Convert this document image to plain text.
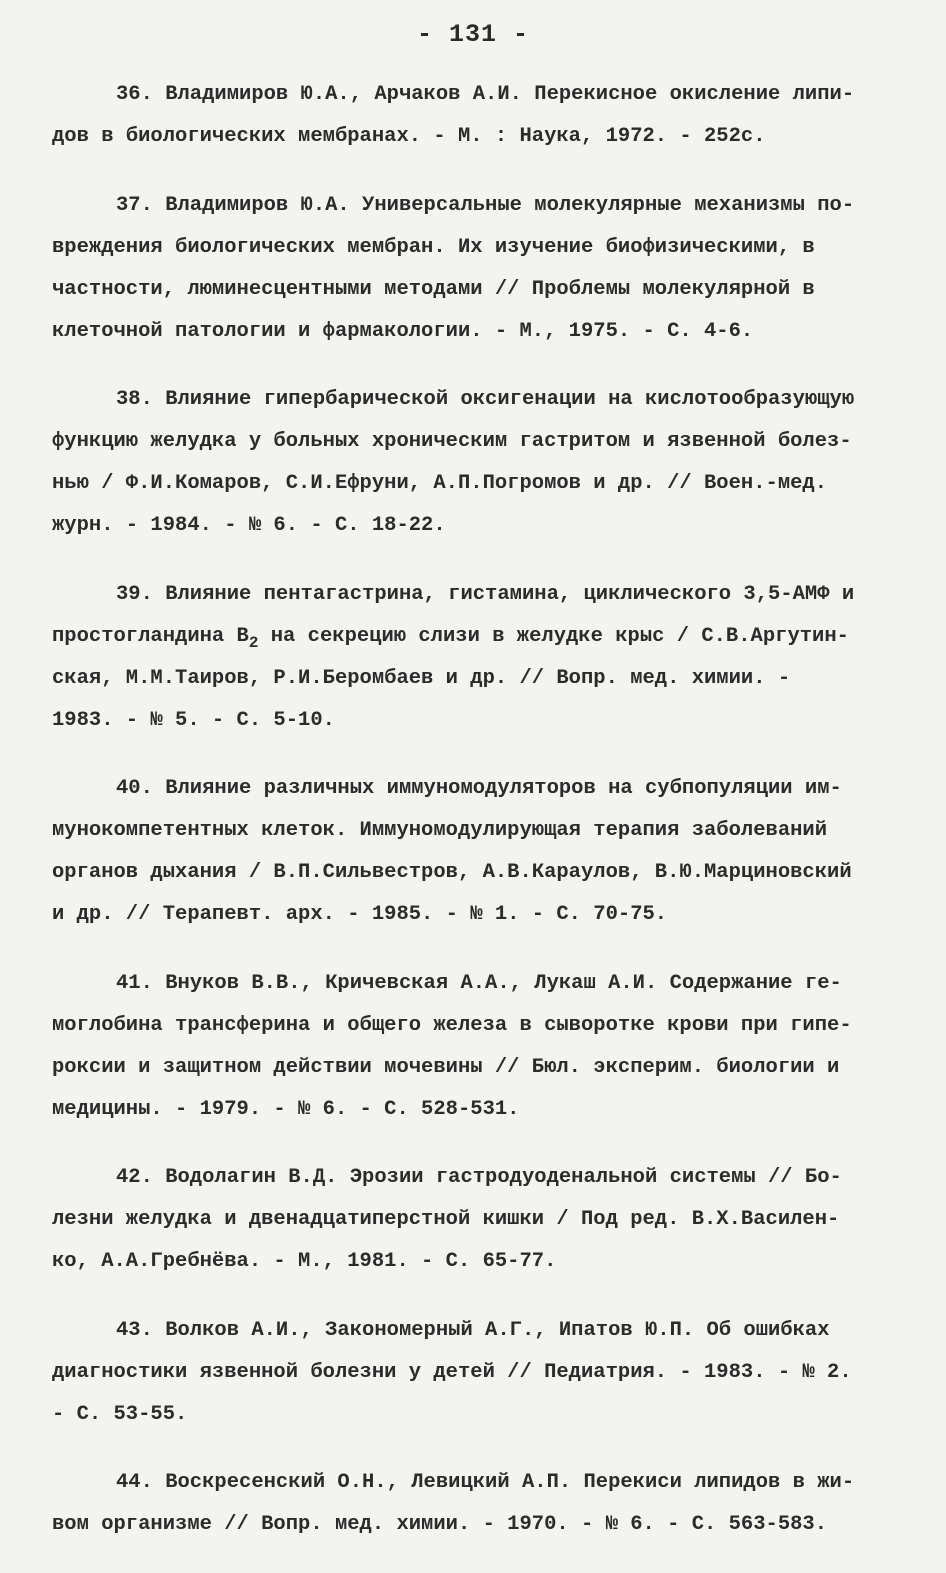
- 131 -
36. Владимиров Ю.А., Арчаков А.И. Перекисное окисление липи-
дов в биологических мембранах. - М. : Наука, 1972. - 252с.
37. Владимиров Ю.А. Универсальные молекулярные механизмы по-
вреждения биологических мембран. Их изучение биофизическими, в
частности, люминесцентными методами // Проблемы молекулярной в
клеточной патологии и фармакологии. - М., 1975. - С. 4-6.
38. Влияние гипербарической оксигенации на кислотообразующую
функцию желудка у больных хроническим гастритом и язвенной болез-
нью / Ф.И.Комаров, С.И.Ефруни, А.П.Погромов и др. // Воен.-мед.
журн. - 1984. - № 6. - С. 18-22.
39. Влияние пентагастрина, гистамина, циклического 3,5-АМФ и
простогландина $В_2$ на секрецию слизи в желудке крыс / С.В.Аргутин-
ская, М.М.Таиров, Р.И.Беромбаев и др. // Вопр. мед. химии. -
1983. - № 5. - С. 5-10.
40. Влияние различных иммуномодуляторов на субпопуляции им-
мунокомпетентных клеток. Иммуномодулирующая терапия заболеваний
органов дыхания / В.П.Сильвестров, А.В.Караулов, В.Ю.Марциновский
и др. // Терапевт. арх. - 1985. - № 1. - С. 70-75.
41. Внуков В.В., Кричевская А.А., Лукаш А.И. Содержание ге-
моглобина трансферина и общего железа в сыворотке крови при гипе-
роксии и защитном действии мочевины // Бюл. эксперим. биологии и
медицины. - 1979. - № 6. - С. 528-531.
42. Водолагин В.Д. Эрозии гастродуоденальной системы // Бо-
лезни желудка и двенадцатиперстной кишки / Под ред. В.Х.Василен-
ко, А.А.Гребнёва. - М., 1981. - С. 65-77.
43. Волков А.И., Закономерный А.Г., Ипатов Ю.П. Об ошибках
диагностики язвенной болезни у детей // Педиатрия. - 1983. - № 2.
- С. 53-55.
44. Воскресенский О.Н., Левицкий А.П. Перекиси липидов в жи-
вом организме // Вопр. мед. химии. - 1970. - № 6. - С. 563-583.
